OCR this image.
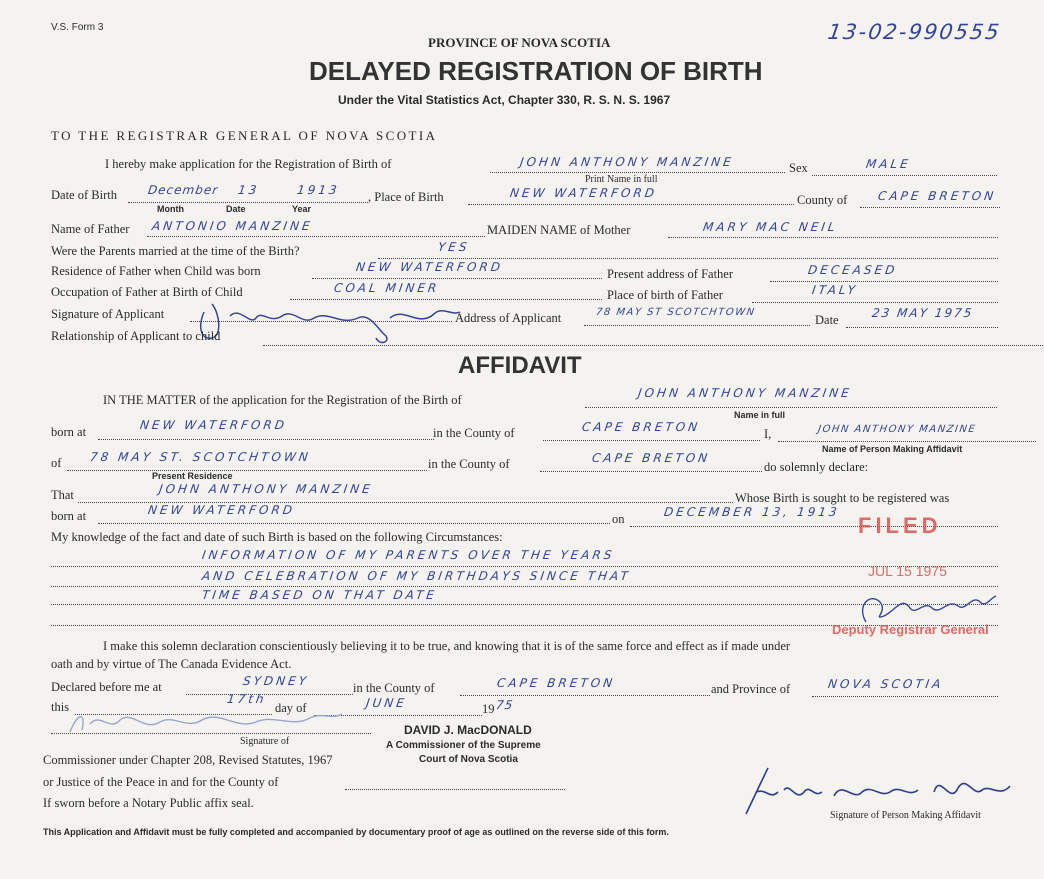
V.S. Form 3	13-02-990555
PROVINCE OF NOVA SCOTIA
DELAYED REGISTRATION OF BIRTH
Under the Vital Statistics Act, Chapter 330, R. S. N. S. 1967
TO THE REGISTRAR GENERAL OF NOVA SCOTIA
I hereby make application for the Registration of Birth of	JOHN ANTHONY MANZINE
Print Name in full
Sex	MALE
Date of Birth	December 13	1913
Month	Date	Year
, Place of Birth	NEW WATERFORD	County of CAPE BRETON
Name of Father ANTONIO MANZINE	MAIDEN NAME of Mother	MARY MAC NEIL
Were the Parents married at the time of the Birth?	YES
Residence of Father when Child was born	NEW WATERFORD	Present address of Father	DECEASED
Occupation of Father at Birth of Child	COAL MINER	Place of birth of Father	ITALY
Signature of Applicant	Address of Applicant	78 MAY ST SCOTCHTOWN
Date	23 MAY 1975
Relationship of Applicant to child
AFFIDAVIT
IN THE MATTER of the application for the Registration of the Birth of	JOHN ANTHONY MANZINE
Name in full
born at	NEW WATERFORD
in the County of	CAPE BRETON	I,	JOHN ANTHONY MANZINE
Name of Person Making Affidavit
of 78 MAY ST. SCOTCHTOWN
Present Residence
in the County of	CAPE BRETON
do solemnly declare:
That	JOHN ANTHONY MANZINE
Whose Birth is sought to be registered was
born at	NEW WATERFORD
on	DECEMBER 13, 1913
My knowledge of the fact and date of such Birth is based on the following Circumstances:
INFORMATION OF MY PARENTS OVER THE YEARS
AND CELEBRATION OF MY BIRTHDAYS SINCE THAT
TIME BASED ON THAT DATE
FILED
JUL 15 1975
Deputy Registrar General
I make this solemn declaration conscientiously believing it to be true, and knowing that it is of the same force and effect as if made under
oath and by virtue of The Canada Evidence Act.
Declared before me at	SYDNEY	in the County of	CAPE BRETON	and Province of	NOVA SCOTIA
this
17th
day of	JUNE	19 75
Signature of
DAVID J. MacDONALD
A Commissioner of the Supreme
Court of Nova Scotia
Commissioner under Chapter 208, Revised Statutes, 1967
or Justice of the Peace in and for the County of
If sworn before a Notary Public affix seal.
Signature of Person Making Affidavit
This Application and Affidavit must be fully completed and accompanied by documentary proof of age as outlined on the reverse side of this form.
